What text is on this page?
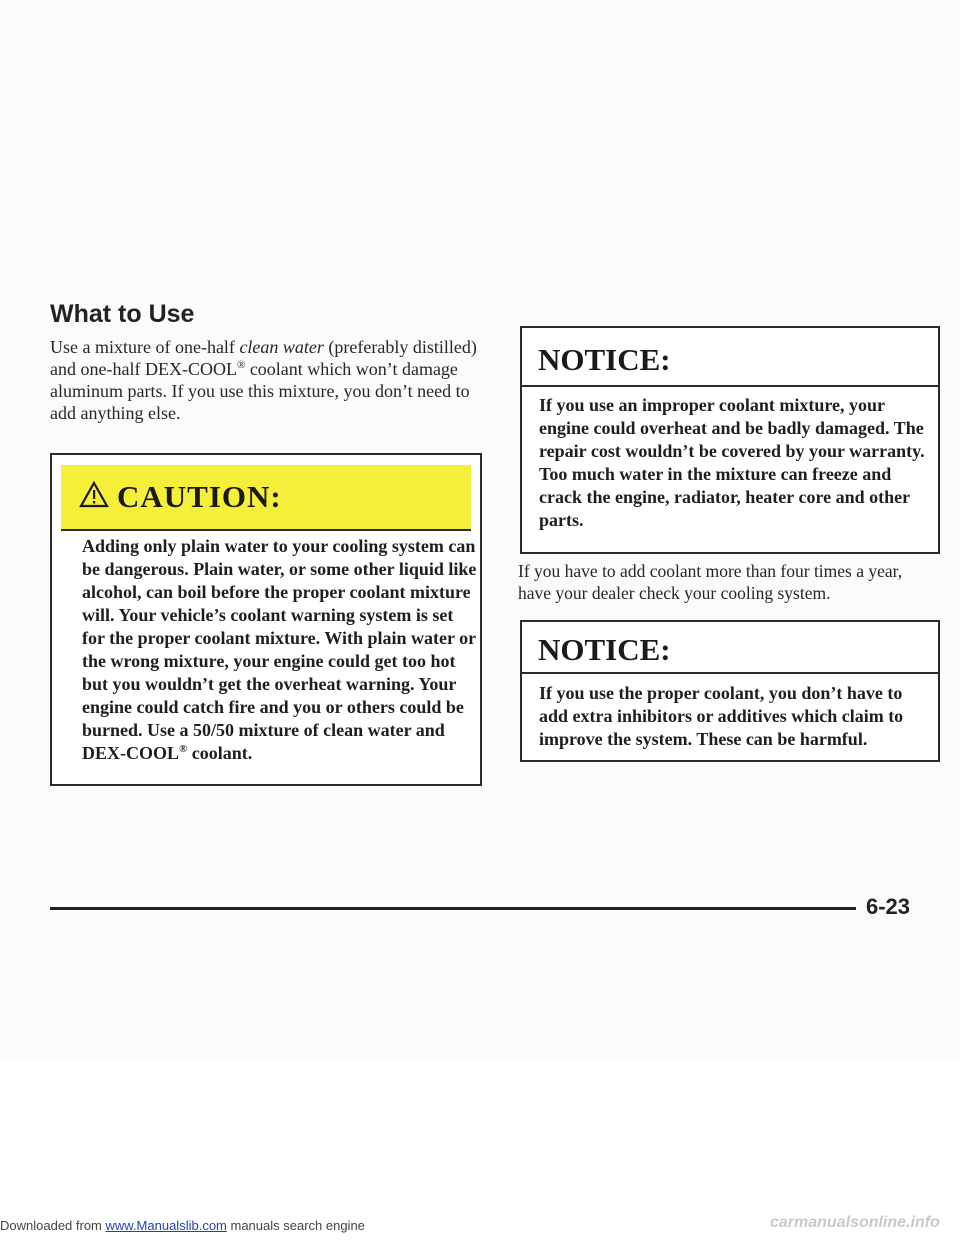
What to Use

Use a mixture of one-half clean water (preferably distilled) and one-half DEX-COOL® coolant which won’t damage aluminum parts. If you use this mixture, you don’t need to add anything else.

CAUTION:

Adding only plain water to your cooling system can be dangerous. Plain water, or some other liquid like alcohol, can boil before the proper coolant mixture will. Your vehicle’s coolant warning system is set for the proper coolant mixture. With plain water or the wrong mixture, your engine could get too hot but you wouldn’t get the overheat warning. Your engine could catch fire and you or others could be burned. Use a 50/50 mixture of clean water and DEX-COOL® coolant.

NOTICE:

If you use an improper coolant mixture, your engine could overheat and be badly damaged. The repair cost wouldn’t be covered by your warranty. Too much water in the mixture can freeze and crack the engine, radiator, heater core and other parts.

If you have to add coolant more than four times a year, have your dealer check your cooling system.

NOTICE:

If you use the proper coolant, you don’t have to add extra inhibitors or additives which claim to improve the system. These can be harmful.

6-23

Downloaded from www.Manualslib.com manuals search engine	carmanualsonline.info
